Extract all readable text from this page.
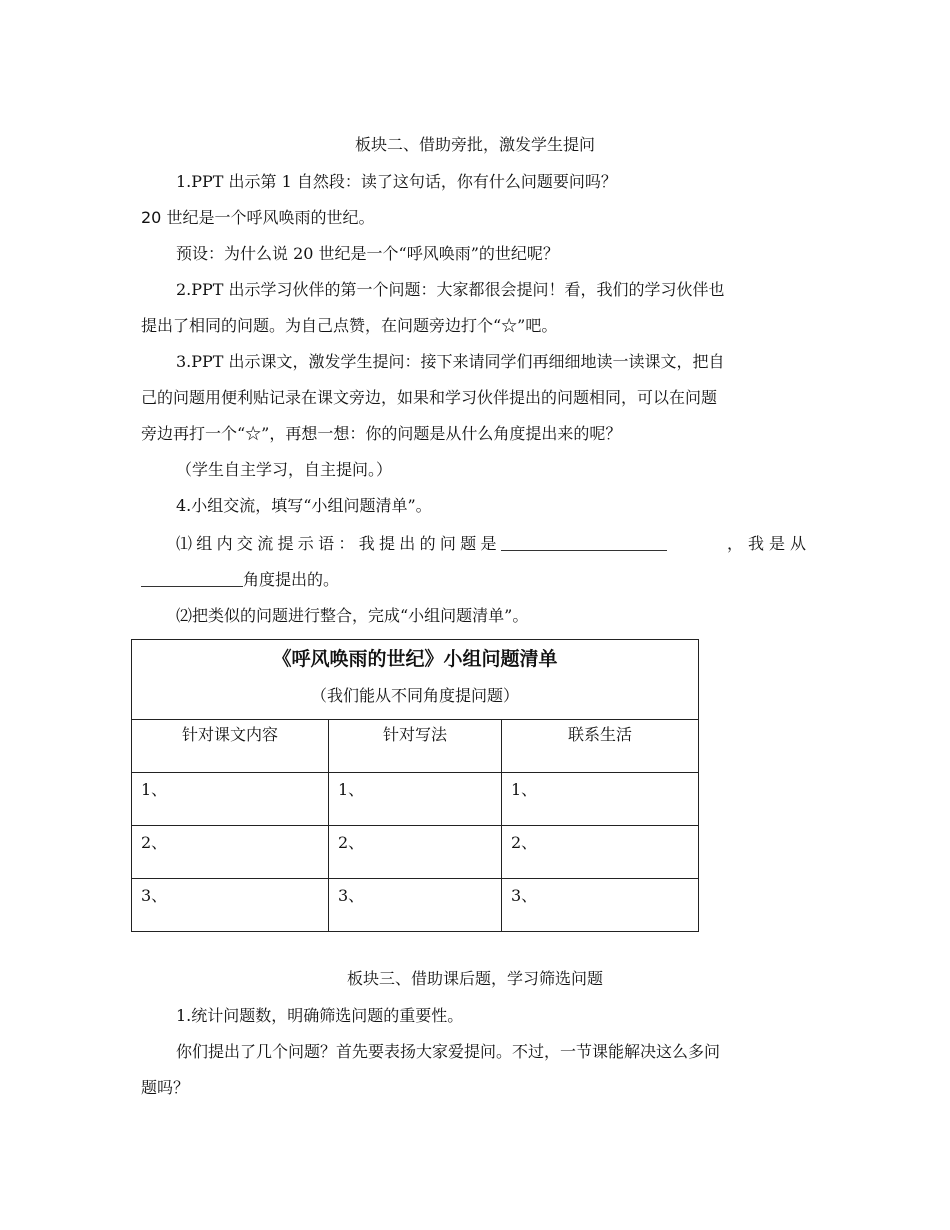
板块二、借助旁批，激发学生提问
1.PPT 出示第 1 自然段：读了这句话，你有什么问题要问吗？
20 世纪是一个呼风唤雨的世纪。
预设：为什么说 20 世纪是一个“呼风唤雨”的世纪呢？
2.PPT 出示学习伙伴的第一个问题：大家都很会提问！看，我们的学习伙伴也
提出了相同的问题。为自己点赞，在问题旁边打个“☆”吧。
3.PPT 出示课文，激发学生提问：接下来请同学们再细细地读一读课文，把自
己的问题用便利贴记录在课文旁边，如果和学习伙伴提出的问题相同，可以在问题
旁边再打一个“☆”，再想一想：你的问题是从什么角度提出来的呢？
（学生自主学习，自主提问。）
4.小组交流，填写“小组问题清单”。
⑴组内交流提示语：我提出的问题是	，我是从
角度提出的。
⑵把类似的问题进行整合，完成“小组问题清单”。
《呼风唤雨的世纪》小组问题清单
（我们能从不同角度提问题）		

针对课文内容	针对写法	联系生活

1、	1、	1、

2、	2、	2、

3、	3、	3、
板块三、借助课后题，学习筛选问题
1.统计问题数，明确筛选问题的重要性。
你们提出了几个问题？首先要表扬大家爱提问。不过，一节课能解决这么多问
题吗？
